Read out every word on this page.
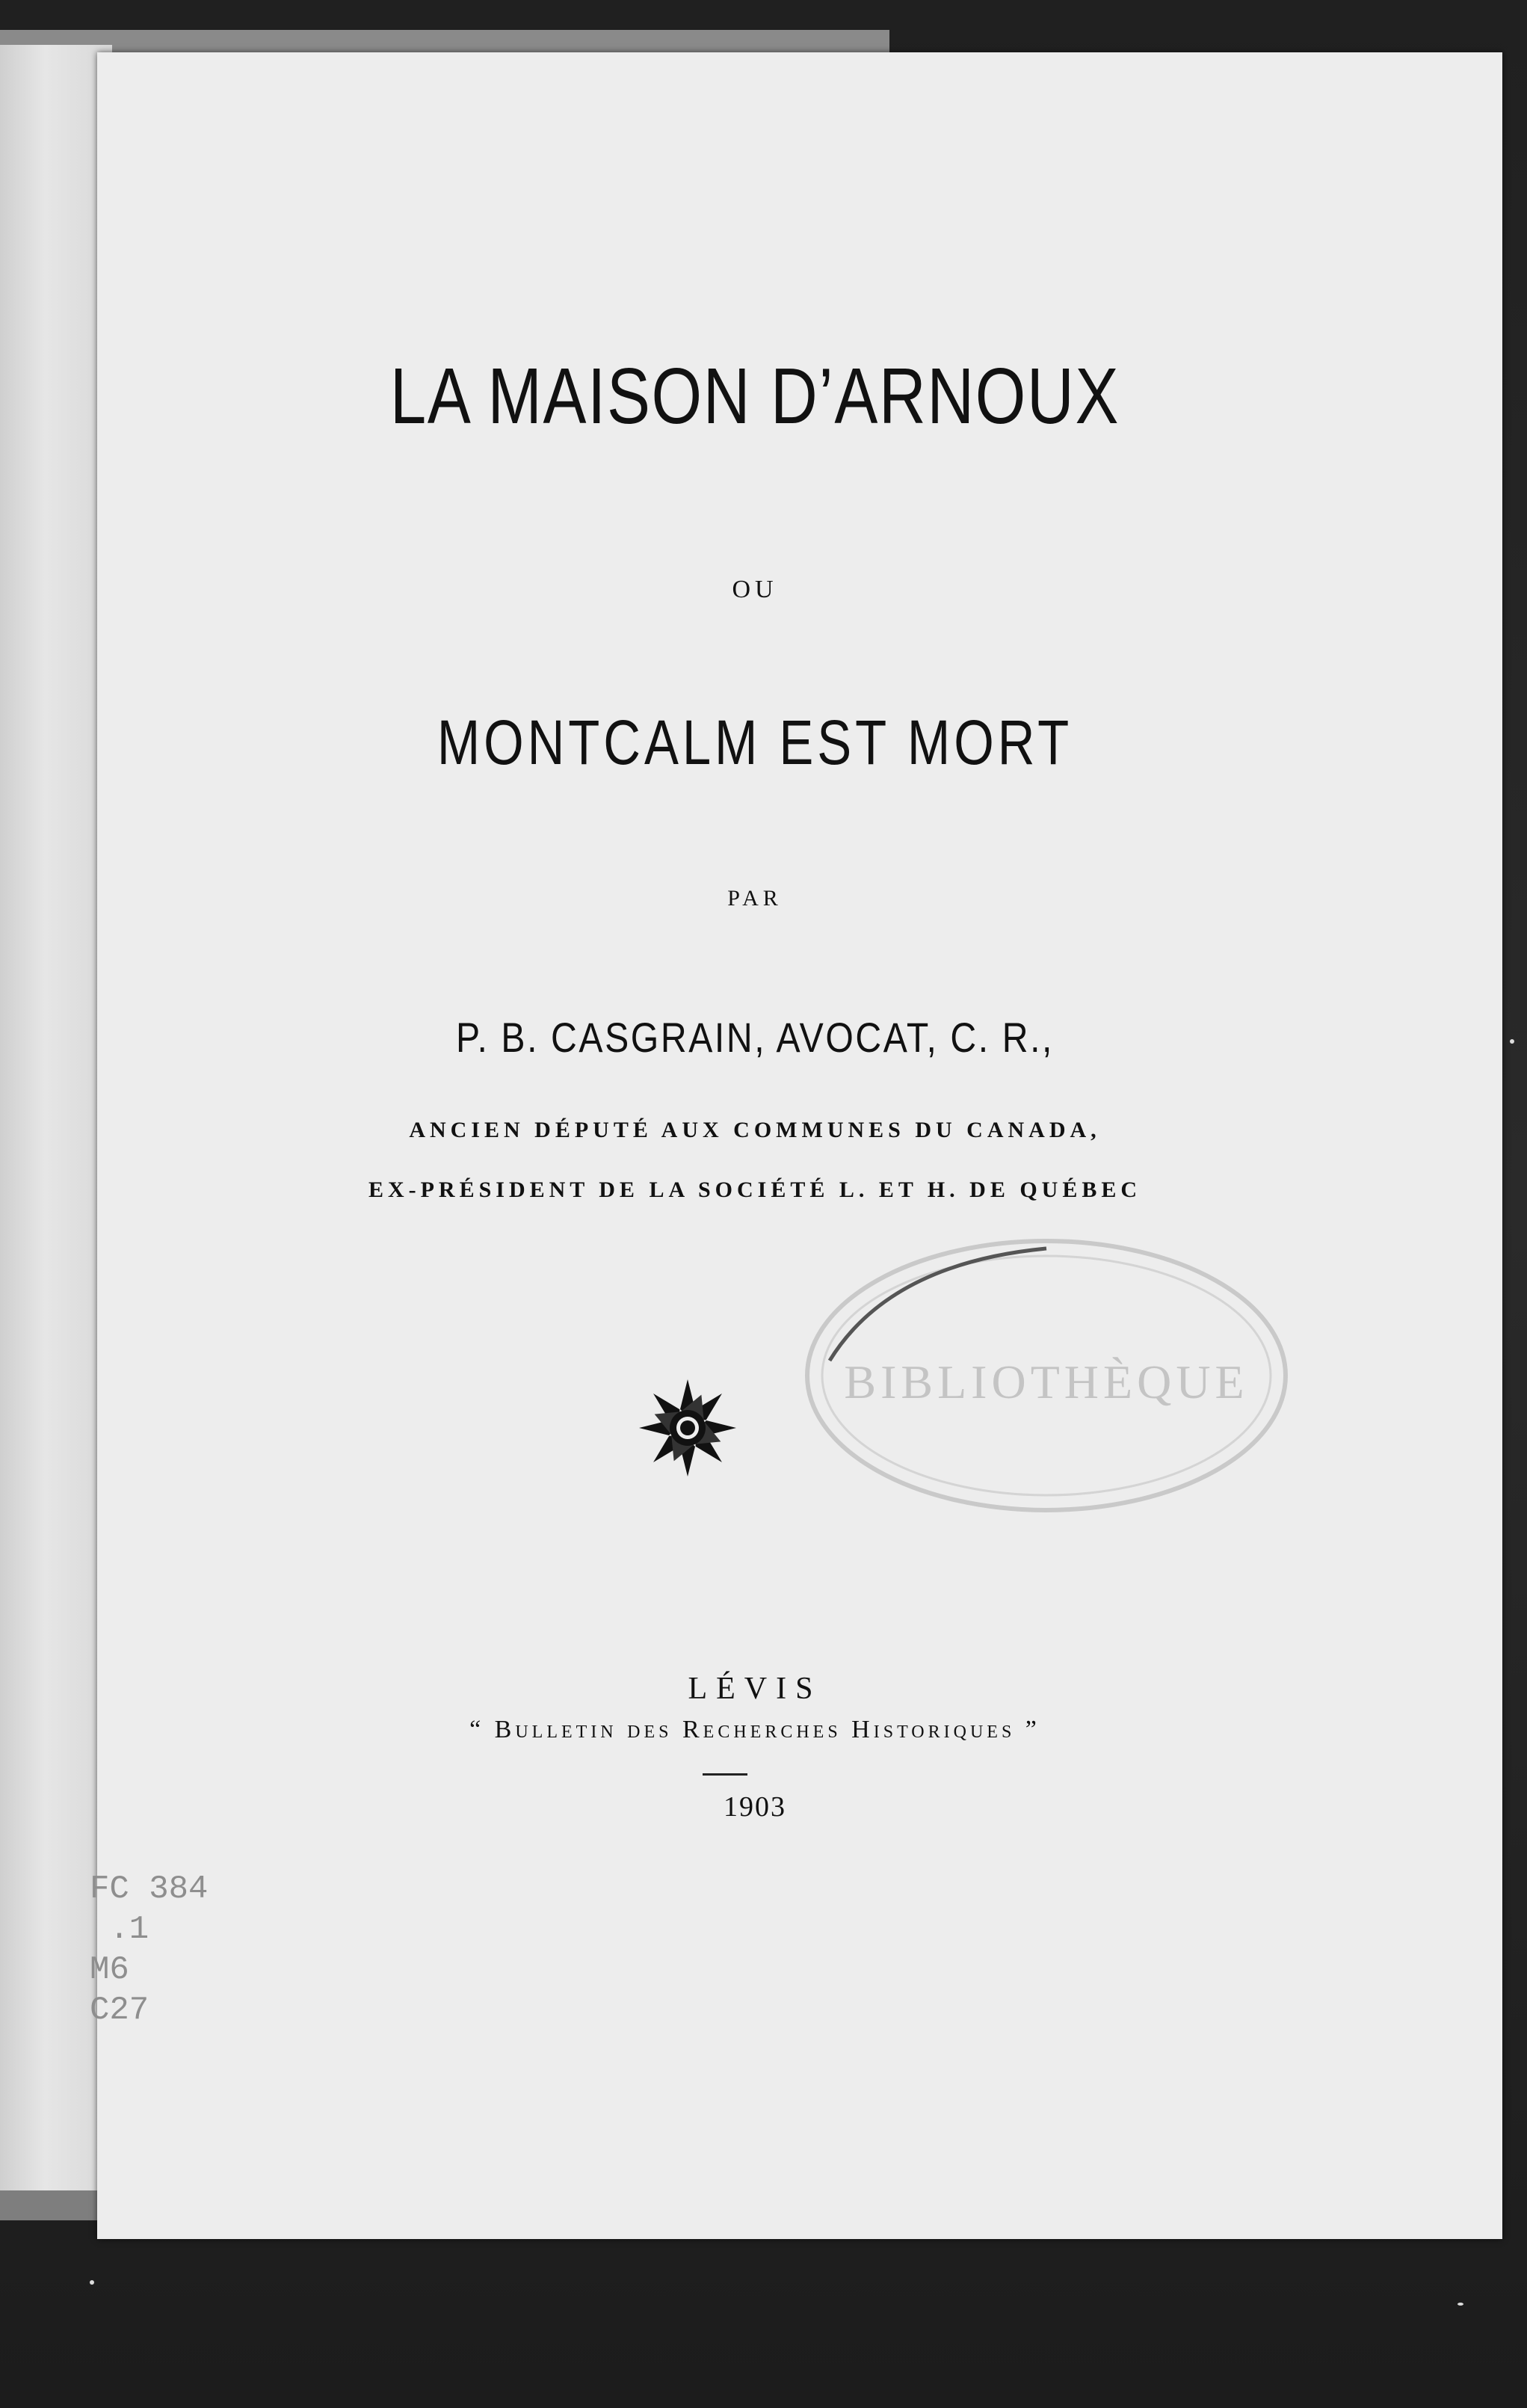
LA MAISON D’ARNOUX
OU
MONTCALM EST MORT
PAR
P. B. CASGRAIN, AVOCAT, C. R.,
ANCIEN DÉPUTÉ AUX COMMUNES DU CANADA,
EX-PRÉSIDENT DE LA SOCIÉTÉ L. ET H. DE QUÉBEC
BIBLIOTHÈQUE
LÉVIS
“ Bulletin des Recherches Historiques ”
1903
FC 384
.1
M6
C27
